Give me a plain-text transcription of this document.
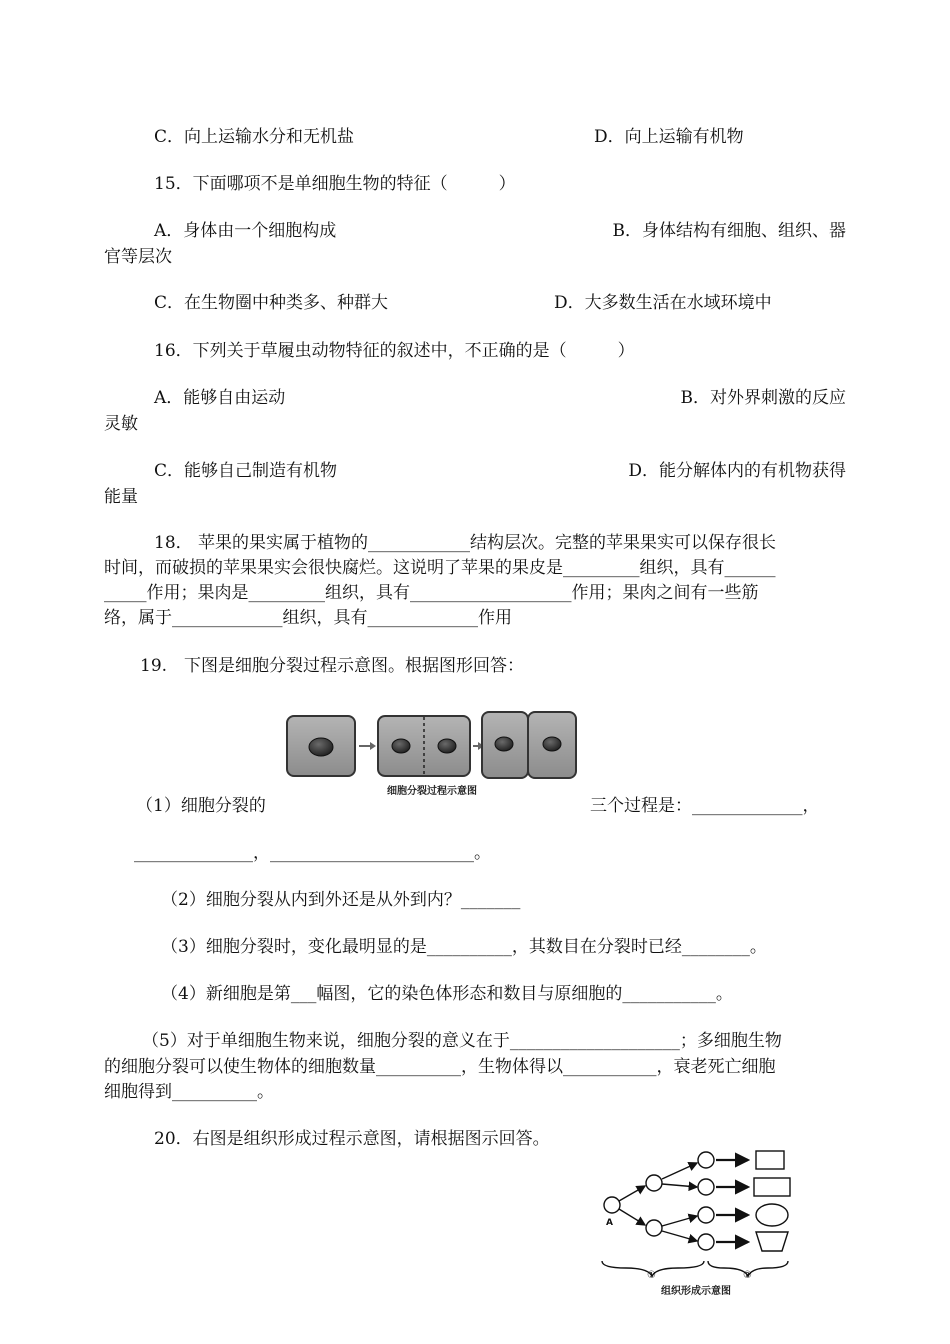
C．向上运输水分和无机盐	D．向上运输有机物
15．下面哪项不是单细胞生物的特征（　　　）
A．身体由一个细胞构成	B．身体结构有细胞、组织、器
官等层次
C．在生物圈中种类多、种群大	D．大多数生活在水域环境中
16．下列关于草履虫动物特征的叙述中，不正确的是（　　　）
A．能够自由运动	B．对外界刺激的反应
灵敏
C．能够自己制造有机物	D．能分解体内的有机物获得
能量
18． 苹果的果实属于植物的____________结构层次。完整的苹果果实可以保存很长
时间，而破损的苹果果实会很快腐烂。这说明了苹果的果皮是_________组织，具有______
_____作用；果肉是_________组织，具有___________________作用；果肉之间有一些筋
络，属于_____________组织，具有_____________作用
19.　下图是细胞分裂过程示意图。根据图形回答：
细胞分裂过程示意图
（1）细胞分裂的	三个过程是：_____________，
______________，________________________。
（2）细胞分裂从内到外还是从外到内？_______
（3）细胞分裂时，变化最明显的是__________，其数目在分裂时已经________。
（4）新细胞是第___幅图，它的染色体形态和数目与原细胞的___________。
（5）对于单细胞生物来说，细胞分裂的意义在于____________________；多细胞生物
的细胞分裂可以使生物体的细胞数量__________，生物体得以___________，衰老死亡细胞
细胞得到__________。
20．右图是组织形成过程示意图，请根据图示回答。
A
①	②
组织形成示意图
